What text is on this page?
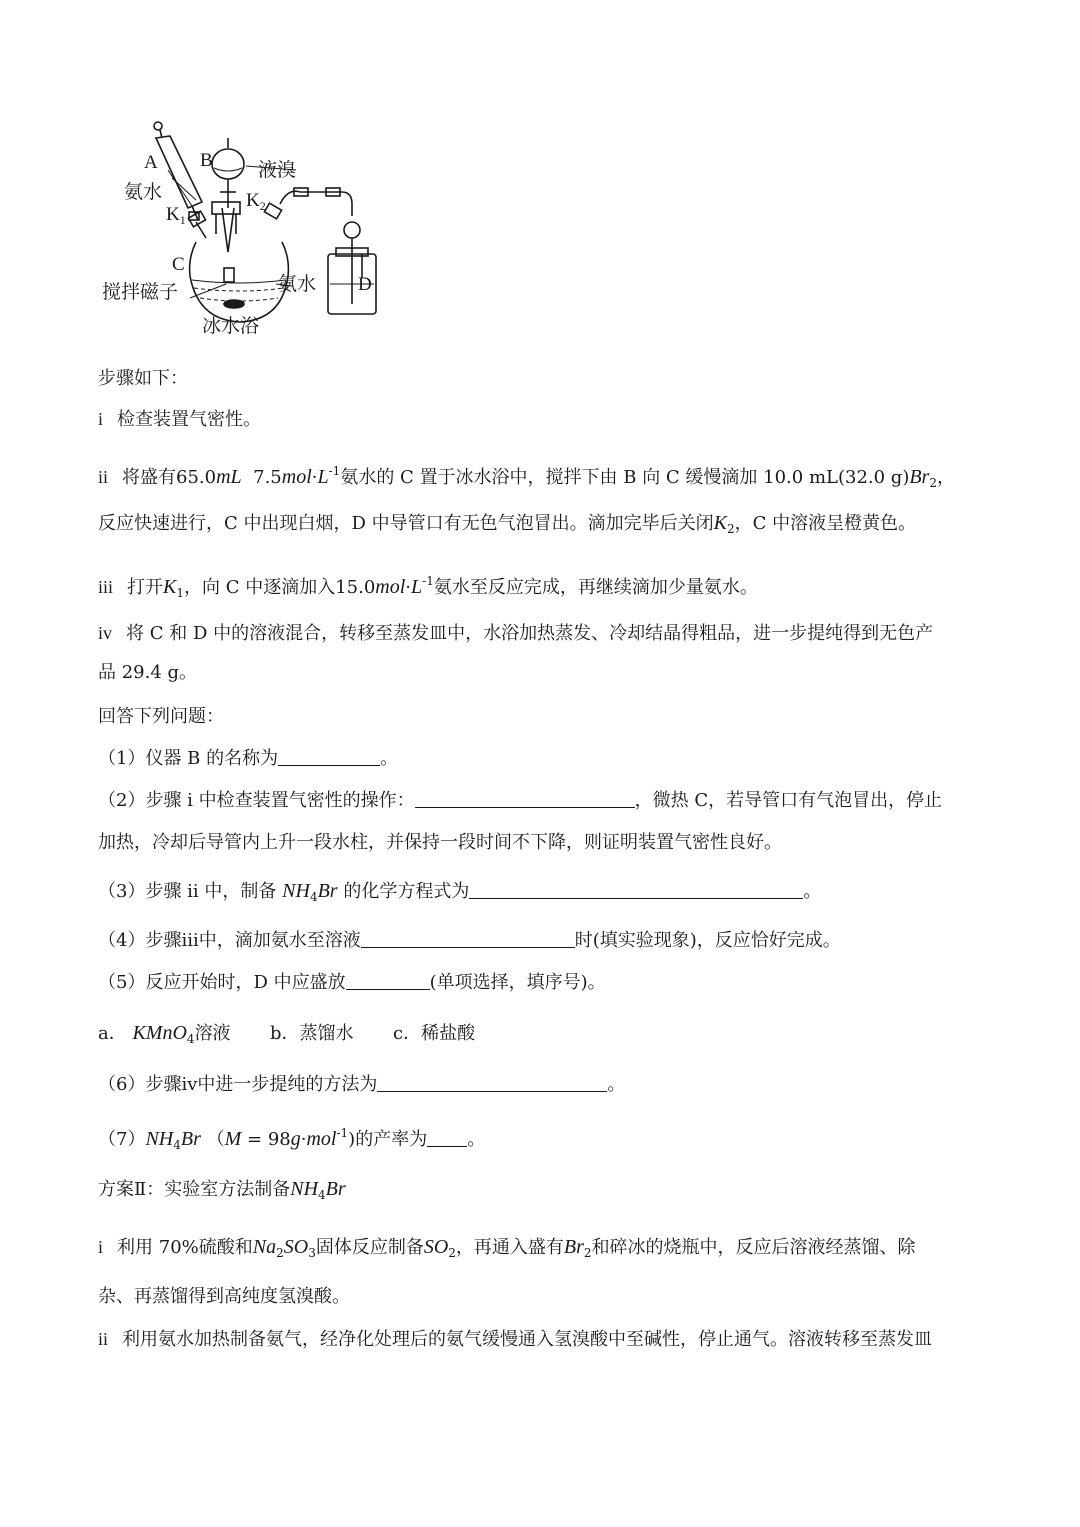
A
氨水
$K_1$
B 液溴
$K_2$
C
搅拌磁子	氨水 D
冰水浴
步骤如下：
i 检查装置气密性。
ii 将盛有65.0mL $7.5mol\cdot L^{-1}$氨水的 C 置于冰水浴中，搅拌下由 B 向 C 缓慢滴加 10.0 mL(32.0 $g)Br_2$，
反应快速进行，C 中出现白烟，D 中导管口有无色气泡冒出。滴加完毕后关闭$K_2$，C 中溶液呈橙黄色。
iii 打开$K_1$，向 C 中逐滴加入$15.0mol\cdot L^{-1}$氨水至反应完成，再继续滴加少量氨水。
iv 将 C 和 D 中的溶液混合，转移至蒸发皿中，水浴加热蒸发、冷却结晶得粗品，进一步提纯得到无色产
品 29.4 g。
回答下列问题：
（1）仪器 B 的名称为	。
（2）步骤 i 中检查装置气密性的操作：	，微热 C，若导管口有气泡冒出，停止
加热，冷却后导管内上升一段水柱，并保持一段时间不下降，则证明装置气密性良好。
（3）步骤 ii 中，制备 $NH_4Br$ 的化学方程式为	。
（4）步骤iii中，滴加氨水至溶液	时(填实验现象)，反应恰好完成。
（5）反应开始时，D 中应盛放	(单项选择，填序号)。
a． KMnO$_4$溶液 b．蒸馏水 c．稀盐酸
（6）步骤iv中进一步提纯的方法为	。
$(7)NH_4Br$ （M = 98g·mol$^{-1}$)的产率为 。
方案Ⅱ：实验室方法制备$NH_4Br$
i 利用 70%硫酸和$Na_2SO_3$固体反应制备$SO_2$，再通入盛有$Br_2$和碎冰的烧瓶中，反应后溶液经蒸馏、除
杂、再蒸馏得到高纯度氢溴酸。
ii 利用氨水加热制备氨气，经净化处理后的氨气缓慢通入氢溴酸中至碱性，停止通气。溶液转移至蒸发皿
